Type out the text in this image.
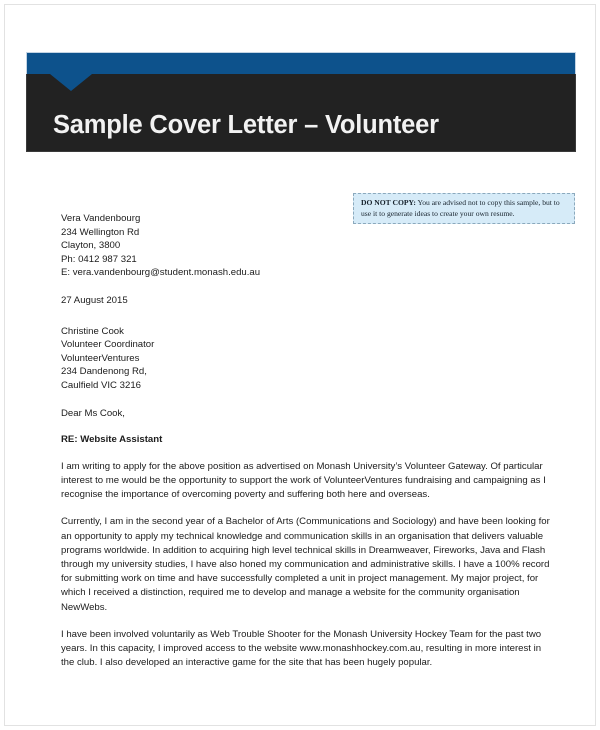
Sample Cover Letter – Volunteer
DO NOT COPY: You are advised not to copy this sample, but to use it to generate ideas to create your own resume.
Vera Vandenbourg
234 Wellington Rd
Clayton, 3800
Ph: 0412 987 321
E: vera.vandenbourg@student.monash.edu.au
27 August 2015
Christine Cook
Volunteer Coordinator
VolunteerVentures
234 Dandenong Rd,
Caulfield VIC 3216
Dear Ms Cook,
RE: Website Assistant

I am writing to apply for the above position as advertised on Monash University’s Volunteer Gateway. Of particular interest to me would be the opportunity to support the work of VolunteerVentures fundraising and campaigning as I recognise the importance of overcoming poverty and suffering both here and overseas.

Currently, I am in the second year of a Bachelor of Arts (Communications and Sociology) and have been looking for an opportunity to apply my technical knowledge and communication skills in an organisation that delivers valuable programs worldwide. In addition to acquiring high level technical skills in Dreamweaver, Fireworks, Java and Flash through my university studies, I have also honed my communication and administrative skills. I have a 100% record for submitting work on time and have successfully completed a unit in project management. My major project, for which I received a distinction, required me to develop and manage a website for the community organisation NewWebs.

I have been involved voluntarily as Web Trouble Shooter for the Monash University Hockey Team for the past two years. In this capacity, I improved access to the website www.monashhockey.com.au, resulting in more interest in the club. I also developed an interactive game for the site that has been hugely popular.
